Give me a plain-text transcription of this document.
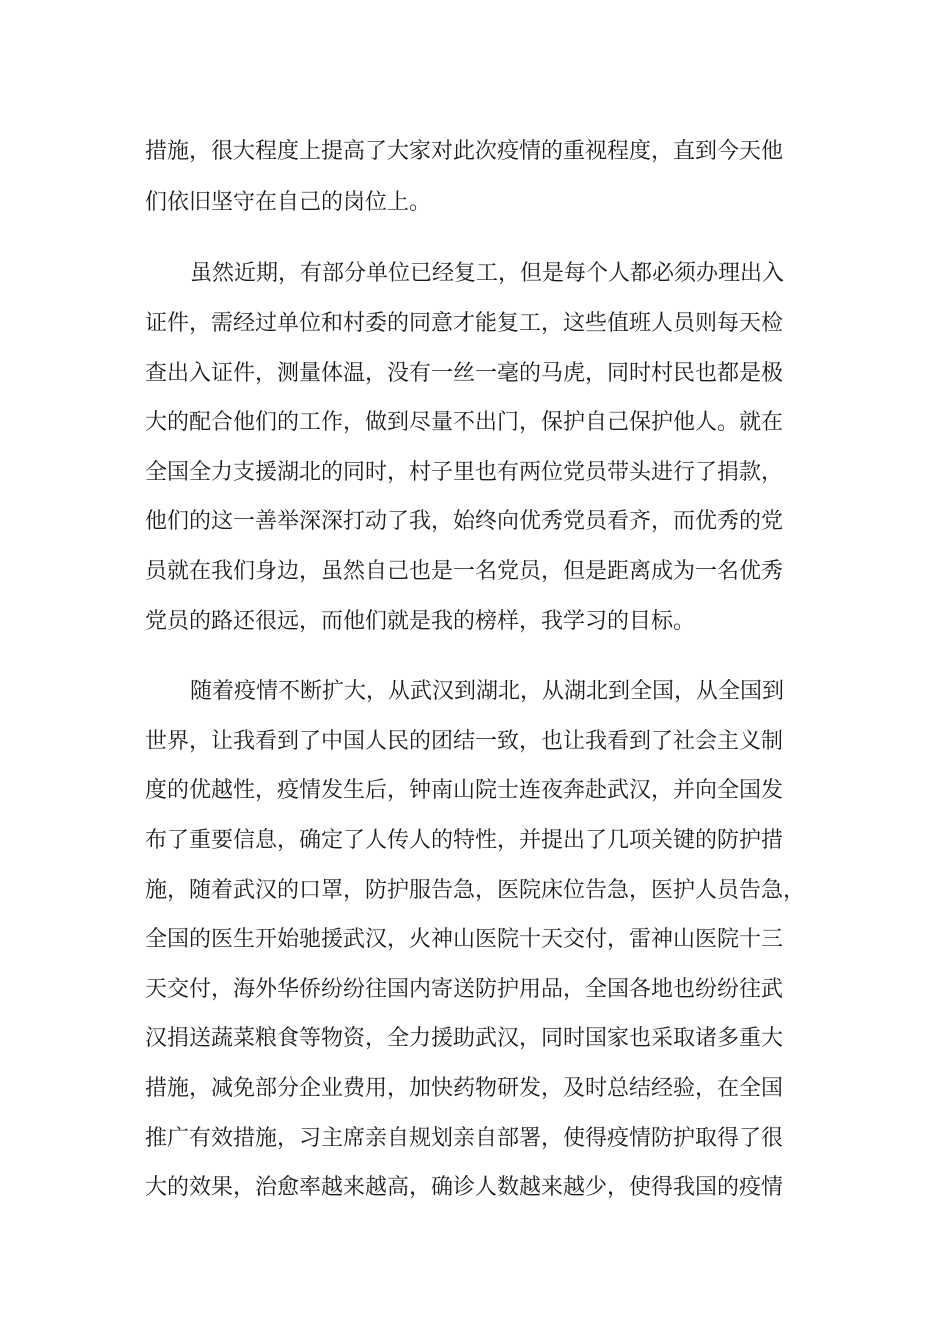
措施，很大程度上提高了大家对此次疫情的重视程度，直到今天他
们依旧坚守在自己的岗位上。
虽然近期，有部分单位已经复工，但是每个人都必须办理出入
证件，需经过单位和村委的同意才能复工，这些值班人员则每天检
查出入证件，测量体温，没有一丝一毫的马虎，同时村民也都是极
大的配合他们的工作，做到尽量不出门，保护自己保护他人。就在
全国全力支援湖北的同时，村子里也有两位党员带头进行了捐款，
他们的这一善举深深打动了我，始终向优秀党员看齐，而优秀的党
员就在我们身边，虽然自己也是一名党员，但是距离成为一名优秀
党员的路还很远，而他们就是我的榜样，我学习的目标。
随着疫情不断扩大，从武汉到湖北，从湖北到全国，从全国到
世界，让我看到了中国人民的团结一致，也让我看到了社会主义制
度的优越性，疫情发生后，钟南山院士连夜奔赴武汉，并向全国发
布了重要信息，确定了人传人的特性，并提出了几项关键的防护措
施，随着武汉的口罩，防护服告急，医院床位告急，医护人员告急，
全国的医生开始驰援武汉，火神山医院十天交付，雷神山医院十三
天交付，海外华侨纷纷往国内寄送防护用品，全国各地也纷纷往武
汉捐送蔬菜粮食等物资，全力援助武汉，同时国家也采取诸多重大
措施，减免部分企业费用，加快药物研发，及时总结经验，在全国
推广有效措施，习主席亲自规划亲自部署，使得疫情防护取得了很
大的效果，治愈率越来越高，确诊人数越来越少，使得我国的疫情
